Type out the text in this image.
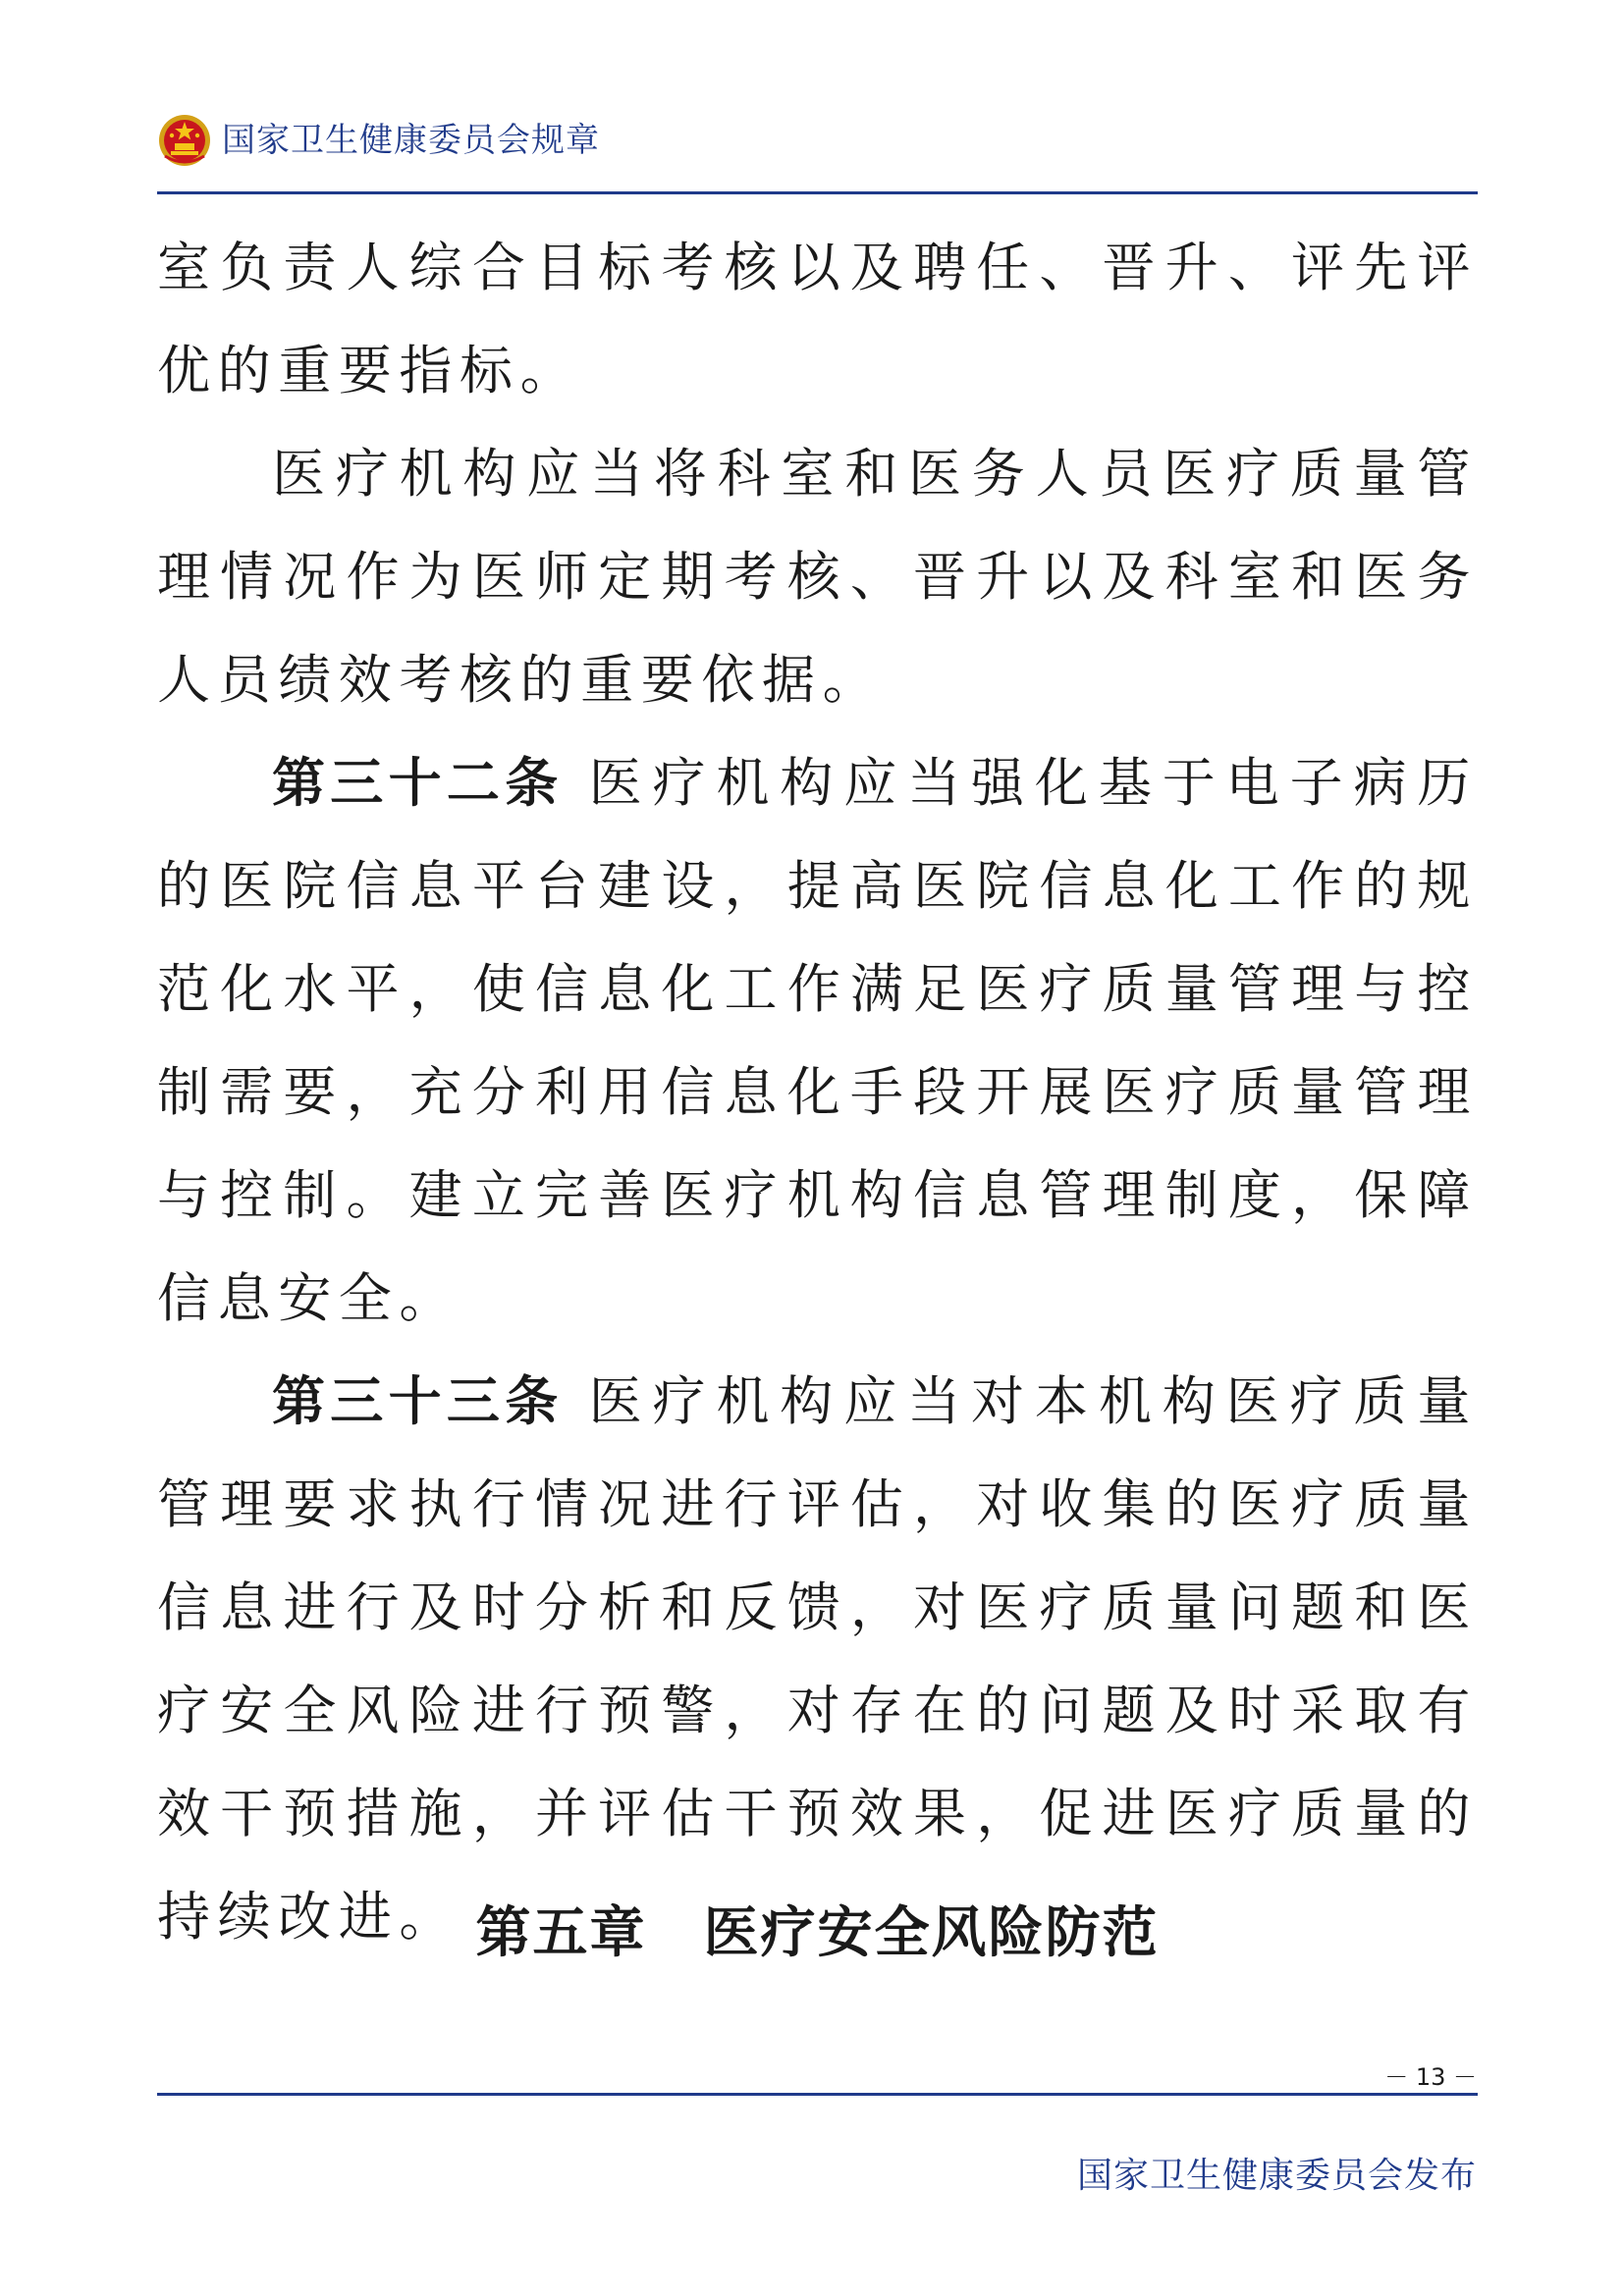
国家卫生健康委员会规章

室负责人综合目标考核以及聘任、晋升、评先评优的重要指标。

医疗机构应当将科室和医务人员医疗质量管理情况作为医师定期考核、晋升以及科室和医务人员绩效考核的重要依据。

第三十二条 医疗机构应当强化基于电子病历的医院信息平台建设，提高医院信息化工作的规范化水平，使信息化工作满足医疗质量管理与控制需要，充分利用信息化手段开展医疗质量管理与控制。建立完善医疗机构信息管理制度，保障信息安全。

第三十三条 医疗机构应当对本机构医疗质量管理要求执行情况进行评估，对收集的医疗质量信息进行及时分析和反馈，对医疗质量问题和医疗安全风险进行预警，对存在的问题及时采取有效干预措施，并评估干预效果，促进医疗质量的持续改进。 第五章　医疗安全风险防范
－ 13 －
国家卫生健康委员会发布
